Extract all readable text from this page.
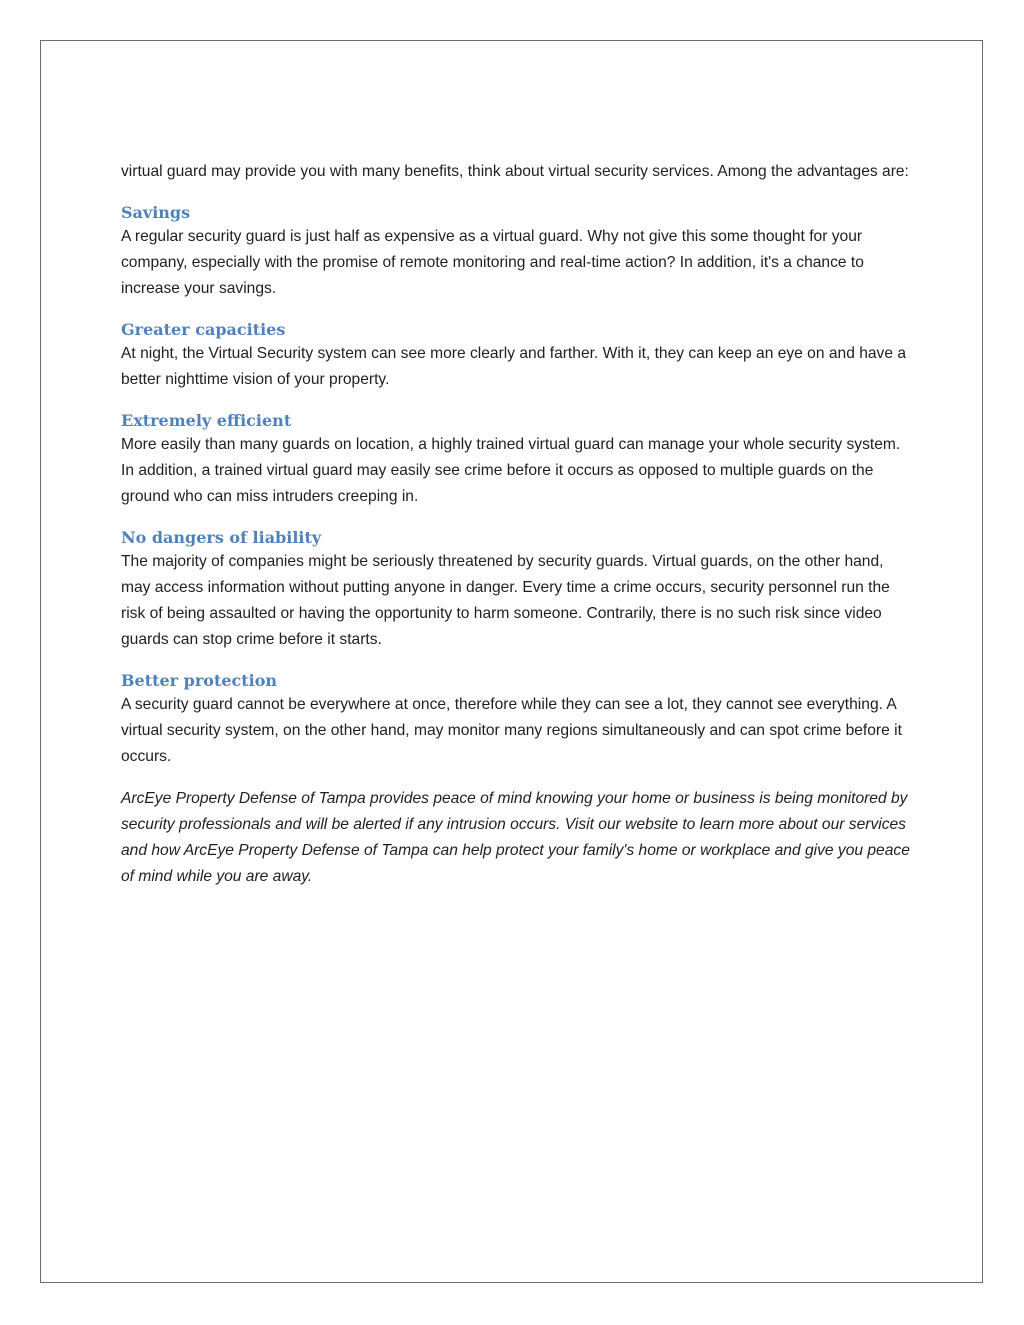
virtual guard may provide you with many benefits, think about virtual security services. Among the advantages are:

Savings

A regular security guard is just half as expensive as a virtual guard. Why not give this some thought for your company, especially with the promise of remote monitoring and real-time action? In addition, it's a chance to increase your savings.

Greater capacities

At night, the Virtual Security system can see more clearly and farther. With it, they can keep an eye on and have a better nighttime vision of your property.

Extremely efficient

More easily than many guards on location, a highly trained virtual guard can manage your whole security system. In addition, a trained virtual guard may easily see crime before it occurs as opposed to multiple guards on the ground who can miss intruders creeping in.

No dangers of liability

The majority of companies might be seriously threatened by security guards. Virtual guards, on the other hand, may access information without putting anyone in danger. Every time a crime occurs, security personnel run the risk of being assaulted or having the opportunity to harm someone. Contrarily, there is no such risk since video guards can stop crime before it starts.

Better protection

A security guard cannot be everywhere at once, therefore while they can see a lot, they cannot see everything. A virtual security system, on the other hand, may monitor many regions simultaneously and can spot crime before it occurs.

ArcEye Property Defense of Tampa provides peace of mind knowing your home or business is being monitored by security professionals and will be alerted if any intrusion occurs. Visit our website to learn more about our services and how ArcEye Property Defense of Tampa can help protect your family's home or workplace and give you peace of mind while you are away.
